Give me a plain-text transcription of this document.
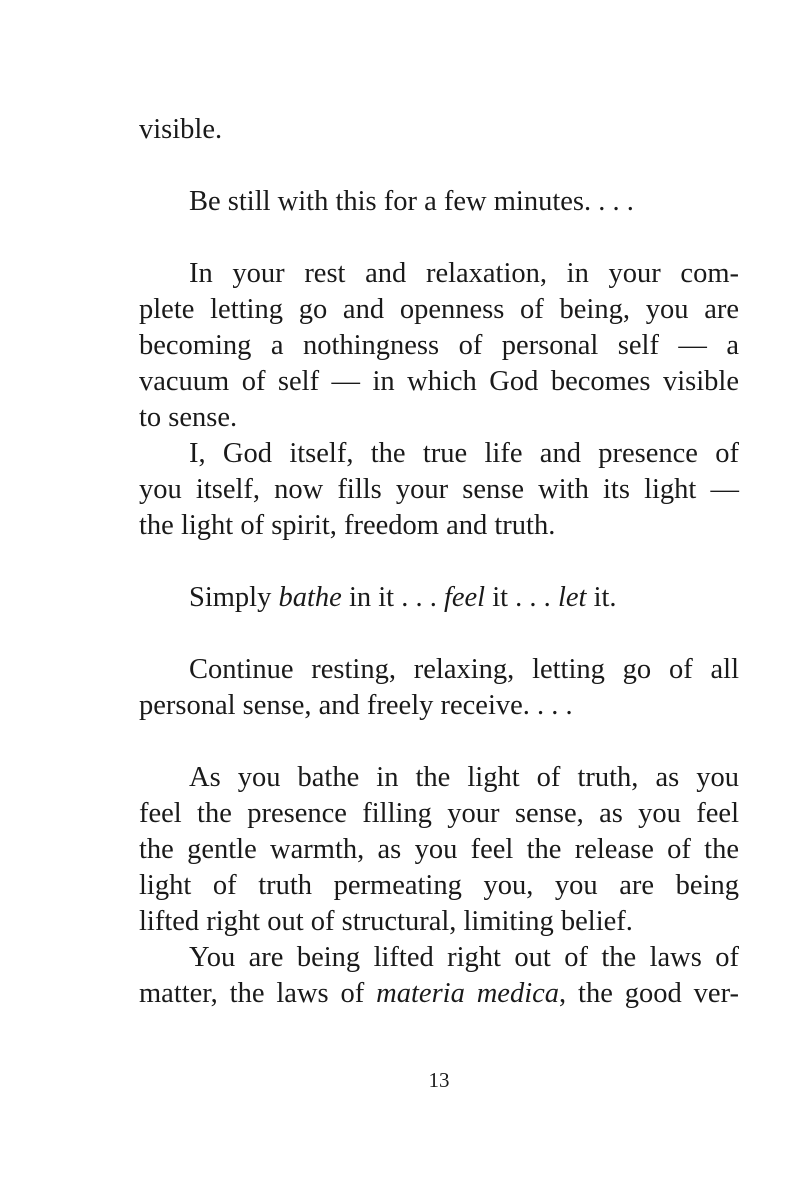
visible.
Be still with this for a few minutes. . . .
In your rest and relaxation, in your com-
plete letting go and openness of being, you are
becoming a nothingness of personal self — a
vacuum of self — in which God becomes visible
to sense.
I, God itself, the true life and presence of
you itself, now fills your sense with its light —
the light of spirit, freedom and truth.
Simply bathe in it . . . feel it . . . let it.
Continue resting, relaxing, letting go of all
personal sense, and freely receive. . . .
As you bathe in the light of truth, as you
feel the presence filling your sense, as you feel
the gentle warmth, as you feel the release of the
light of truth permeating you, you are being
lifted right out of structural, limiting belief.
You are being lifted right out of the laws of
matter, the laws of materia medica, the good ver-
13
